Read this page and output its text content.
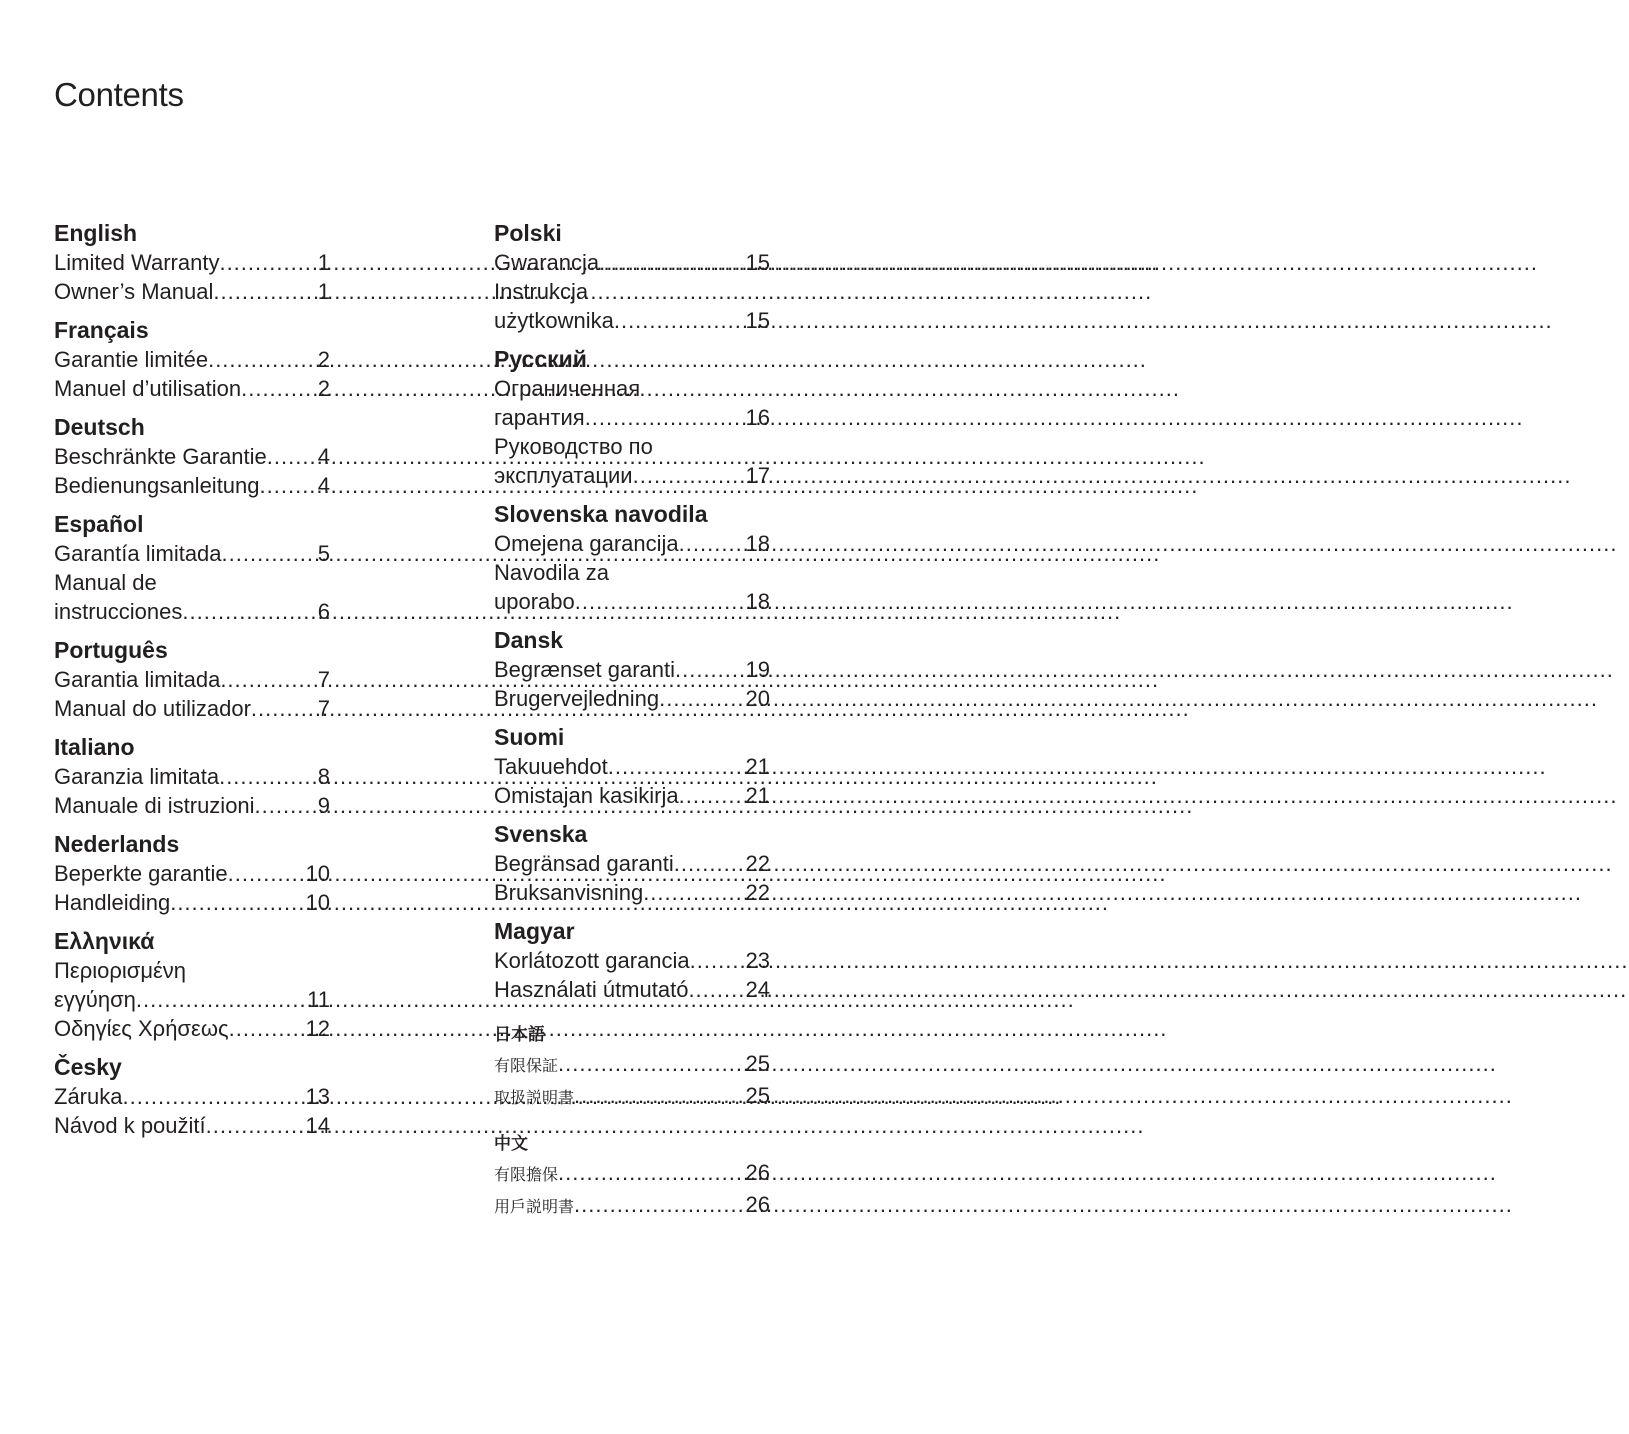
Contents
English
Limited Warranty .....	1
Owner’s Manual .....	1
Français
Garantie limitée .....	2
Manuel d’utilisation .....	2
Deutsch
Beschränkte Garantie ..... 4
Bedienungsanleitung .....	4
Español
Garantía limitada .....	5
Manual de
instrucciones .....	6
Português
Garantia limitada .....	7
Manual do utilizador .....	7
Italiano
Garanzia limitata .....	8
Manuale di istruzioni .....	9
Nederlands
Beperkte garantie .....	10
Handleiding .....	10
Ελληνικά
Περιορισμένη
εγγύηση .....	11
Οδηγίες Χρήσεως .....	12
Česky
Záruka .....	13
Návod k použití .....	14
Polski
Gwarancja .....	15
Instrukcja
użytkownika .....	15
Русский
Ограниченная
гарантия .....	16
Руководство по
эксплуатации .....	17
Slovenska navodila
Omejena garancija .....	18
Navodila za
uporabo .....	18
Dansk
Begrænset garanti .....	19
Brugervejledning .....	20
Suomi
Takuuehdot .....	21
Omistajan kasikirja .....	21
Svenska
Begränsad garanti .....	22
Bruksanvisning .....	22
Magyar
Korlátozott garancia .....	23
Használati útmutató .....	24
日本語
有限保証 .....	25
取扱説明書 .....	25
中文
有限擔保 .....	26
用戶説明書 .....	26
